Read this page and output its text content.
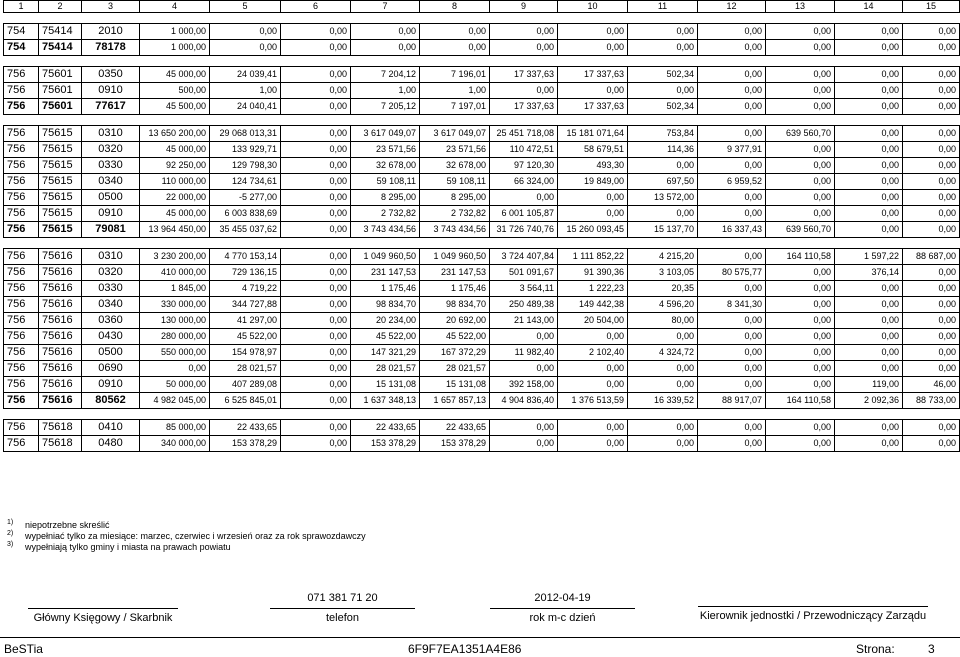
1	2	3	4	5	6	7	8	9	10	11	12	13	14	15

754	75414	2010	1 000,00	0,00	0,00	0,00	0,00	0,00	0,00	0,00	0,00	0,00	0,00	0,00
754	75414	78178	1 000,00	0,00	0,00	0,00	0,00	0,00	0,00	0,00	0,00	0,00	0,00	0,00

756	75601	0350	45 000,00	24 039,41	0,00	7 204,12	7 196,01	17 337,63	17 337,63	502,34	0,00	0,00	0,00	0,00
756	75601	0910	500,00	1,00	0,00	1,00	1,00	0,00	0,00	0,00	0,00	0,00	0,00	0,00
756	75601	77617	45 500,00	24 040,41	0,00	7 205,12	7 197,01	17 337,63	17 337,63	502,34	0,00	0,00	0,00	0,00

756	75615	0310	13 650 200,00	29 068 013,31	0,00	3 617 049,07	3 617 049,07	25 451 718,08	15 181 071,64	753,84	0,00	639 560,70	0,00	0,00
756	75615	0320	45 000,00	133 929,71	0,00	23 571,56	23 571,56	110 472,51	58 679,51	114,36	9 377,91	0,00	0,00	0,00
756	75615	0330	92 250,00	129 798,30	0,00	32 678,00	32 678,00	97 120,30	493,30	0,00	0,00	0,00	0,00	0,00
756	75615	0340	110 000,00	124 734,61	0,00	59 108,11	59 108,11	66 324,00	19 849,00	697,50	6 959,52	0,00	0,00	0,00
756	75615	0500	22 000,00	-5 277,00	0,00	8 295,00	8 295,00	0,00	0,00	13 572,00	0,00	0,00	0,00	0,00
756	75615	0910	45 000,00	6 003 838,69	0,00	2 732,82	2 732,82	6 001 105,87	0,00	0,00	0,00	0,00	0,00	0,00
756	75615	79081	13 964 450,00	35 455 037,62	0,00	3 743 434,56	3 743 434,56	31 726 740,76	15 260 093,45	15 137,70	16 337,43	639 560,70	0,00	0,00

756	75616	0310	3 230 200,00	4 770 153,14	0,00	1 049 960,50	1 049 960,50	3 724 407,84	1 111 852,22	4 215,20	0,00	164 110,58	1 597,22	88 687,00
756	75616	0320	410 000,00	729 136,15	0,00	231 147,53	231 147,53	501 091,67	91 390,36	3 103,05	80 575,77	0,00	376,14	0,00
756	75616	0330	1 845,00	4 719,22	0,00	1 175,46	1 175,46	3 564,11	1 222,23	20,35	0,00	0,00	0,00	0,00
756	75616	0340	330 000,00	344 727,88	0,00	98 834,70	98 834,70	250 489,38	149 442,38	4 596,20	8 341,30	0,00	0,00	0,00
756	75616	0360	130 000,00	41 297,00	0,00	20 234,00	20 692,00	21 143,00	20 504,00	80,00	0,00	0,00	0,00	0,00
756	75616	0430	280 000,00	45 522,00	0,00	45 522,00	45 522,00	0,00	0,00	0,00	0,00	0,00	0,00	0,00
756	75616	0500	550 000,00	154 978,97	0,00	147 321,29	167 372,29	11 982,40	2 102,40	4 324,72	0,00	0,00	0,00	0,00
756	75616	0690	0,00	28 021,57	0,00	28 021,57	28 021,57	0,00	0,00	0,00	0,00	0,00	0,00	0,00
756	75616	0910	50 000,00	407 289,08	0,00	15 131,08	15 131,08	392 158,00	0,00	0,00	0,00	0,00	119,00	46,00
756	75616	80562	4 982 045,00	6 525 845,01	0,00	1 637 348,13	1 657 857,13	4 904 836,40	1 376 513,59	16 339,52	88 917,07	164 110,58	2 092,36	88 733,00

756	75618	0410	85 000,00	22 433,65	0,00	22 433,65	22 433,65	0,00	0,00	0,00	0,00	0,00	0,00	0,00
756	75618	0480	340 000,00	153 378,29	0,00	153 378,29	153 378,29	0,00	0,00	0,00	0,00	0,00	0,00	0,00
1) niepotrzebne skreślić
2) wypełniać tylko za miesiące: marzec, czerwiec i wrzesień oraz za rok sprawozdawczy
3) wypełniają tylko gminy i miasta na prawach powiatu
Główny Księgowy / Skarbnik
071 381 71 20
telefon
2012-04-19
rok m-c dzień	Kierownik jednostki / Przewodniczący Zarządu
BeSTia	6F9F7EA1351A4E86	Strona:	3
